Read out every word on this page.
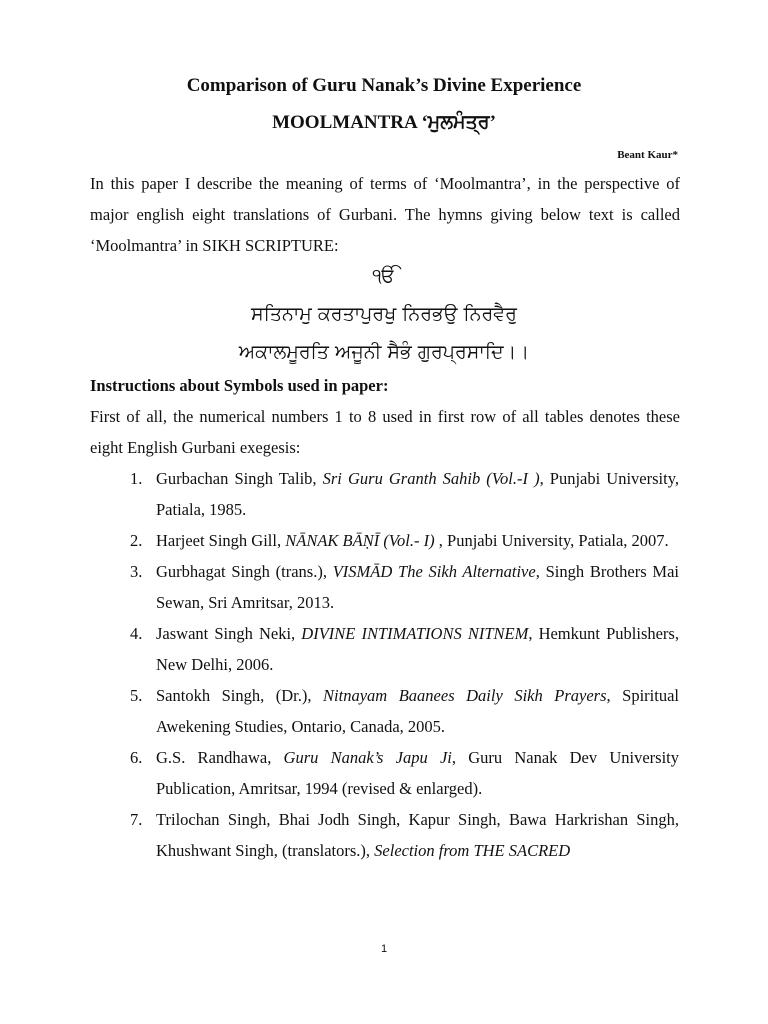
Comparison of Guru Nanak’s Divine Experience
MOOLMANTRA ‘ਮੁਲਮੰਤ੍ਰ’
Beant Kaur*
In this paper I describe the meaning of terms of ‘Moolmantra’, in the perspective of major english eight translations of Gurbani. The hymns giving below text is called ‘Moolmantra’ in SIKH SCRIPTURE:
ੴ
ਸਤਿਨਾਮੁ ਕਰਤਾਪੁਰਖੁ ਨਿਰਭਉ ਨਿਰਵੈਰੁ
ਅਕਾਲਮੂਰਤਿ ਅਜੂਨੀ ਸੈਭੰ ਗੁਰਪ੍ਰਸਾਦਿ।।
Instructions about Symbols used in paper:
First of all, the numerical numbers 1 to 8 used in first row of all tables denotes these eight English Gurbani exegesis:
1. Gurbachan Singh Talib, Sri Guru Granth Sahib (Vol.-I ), Punjabi University, Patiala, 1985.
2. Harjeet Singh Gill, NĀNAK BĀṆĪ (Vol.- I) , Punjabi University, Patiala, 2007.
3. Gurbhagat Singh (trans.), VISMĀD The Sikh Alternative, Singh Brothers Mai Sewan, Sri Amritsar, 2013.
4. Jaswant Singh Neki, DIVINE INTIMATIONS NITNEM, Hemkunt Publishers, New Delhi, 2006.
5. Santokh Singh, (Dr.), Nitnayam Baanees Daily Sikh Prayers, Spiritual Awekening Studies, Ontario, Canada, 2005.
6. G.S. Randhawa, Guru Nanak’s Japu Ji, Guru Nanak Dev University Publication, Amritsar, 1994 (revised & enlarged).
7. Trilochan Singh, Bhai Jodh Singh, Kapur Singh, Bawa Harkrishan Singh, Khushwant Singh, (translators.), Selection from THE SACRED
1
